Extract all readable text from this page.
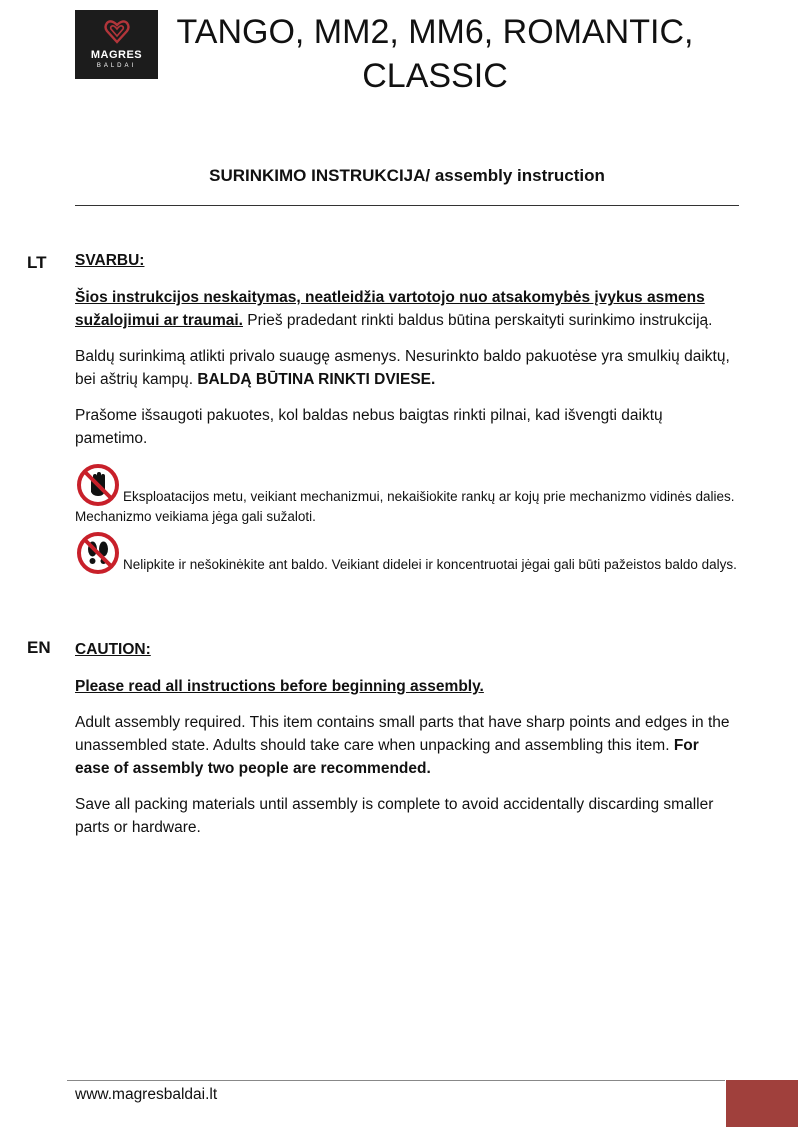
MAGRES
BALDAI
TANGO, MM2, MM6, ROMANTIC,
CLASSIC
SURINKIMO INSTRUKCIJA/ assembly instruction
LT SVARBU:

Šios instrukcijos neskaitymas, neatleidžia vartotojo nuo atsakomybės įvykus asmens sužalojimui ar traumai. Prieš pradedant rinkti baldus būtina perskaityti surinkimo instrukciją.

Baldų surinkimą atlikti privalo suaugę asmenys. Nesurinkto baldo pakuotėse yra smulkių daiktų, bei aštrių kampų. BALDĄ BŪTINA RINKTI DVIESE.

Prašome išsaugoti pakuotes, kol baldas nebus baigtas rinkti pilnai, kad išvengti daiktų pametimo.

Eksploatacijos metu, veikiant mechanizmui, nekaišiokite rankų ar kojų prie mechanizmo vidinės dalies. Mechanizmo veikiama jėga gali sužaloti.

Nelipkite ir nešokinėkite ant baldo. Veikiant didelei ir koncentruotai jėgai gali būti pažeistos baldo dalys.

EN CAUTION:

Please read all instructions before beginning assembly.

Adult assembly required. This item contains small parts that have sharp points and edges in the unassembled state. Adults should take care when unpacking and assembling this item. For ease of assembly two people are recommended.

Save all packing materials until assembly is complete to avoid accidentally discarding smaller parts or hardware.

www.magresbaldai.lt
